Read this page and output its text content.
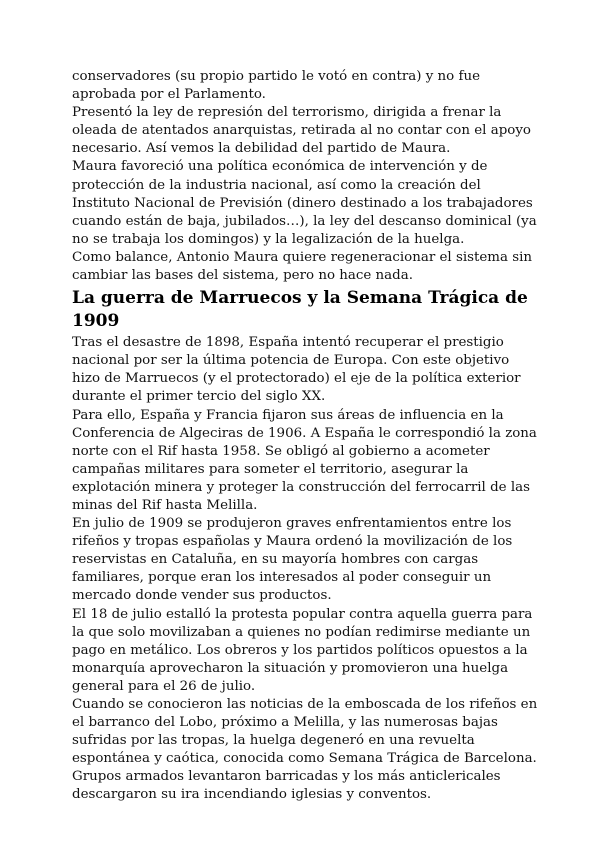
conservadores (su propio partido le votó en contra) y no fue aprobada por el Parlamento.

Presentó la ley de represión del terrorismo, dirigida a frenar la oleada de atentados anarquistas, retirada al no contar con el apoyo necesario. Así vemos la debilidad del partido de Maura.

Maura favoreció una política económica de intervención y de protección de la industria nacional, así como la creación del Instituto Nacional de Previsión (dinero destinado a los trabajadores cuando están de baja, jubilados…), la ley del descanso dominical (ya no se trabaja los domingos) y la legalización de la huelga.

Como balance, Antonio Maura quiere regeneracionar el sistema sin cambiar las bases del sistema, pero no hace nada.

La guerra de Marruecos y la Semana Trágica de 1909

Tras el desastre de 1898, España intentó recuperar el prestigio nacional por ser la última potencia de Europa. Con este objetivo hizo de Marruecos (y el protectorado) el eje de la política exterior durante el primer tercio del siglo XX.

Para ello, España y Francia fijaron sus áreas de influencia en la Conferencia de Algeciras de 1906. A España le correspondió la zona norte con el Rif hasta 1958. Se obligó al gobierno a acometer campañas militares para someter el territorio, asegurar la explotación minera y proteger la construcción del ferrocarril de las minas del Rif hasta Melilla.

En julio de 1909 se produjeron graves enfrentamientos entre los rifeños y tropas españolas y Maura ordenó la movilización de los reservistas en Cataluña, en su mayoría hombres con cargas familiares, porque eran los interesados al poder conseguir un mercado donde vender sus productos.

El 18 de julio estalló la protesta popular contra aquella guerra para la que solo movilizaban a quienes no podían redimirse mediante un pago en metálico. Los obreros y los partidos políticos opuestos a la monarquía aprovecharon la situación y promovieron una huelga general para el 26 de julio.

Cuando se conocieron las noticias de la emboscada de los rifeños en el barranco del Lobo, próximo a Melilla, y las numerosas bajas sufridas por las tropas, la huelga degeneró en una revuelta espontánea y caótica, conocida como Semana Trágica de Barcelona. Grupos armados levantaron barricadas y los más anticlericales descargaron su ira incendiando iglesias y conventos.
